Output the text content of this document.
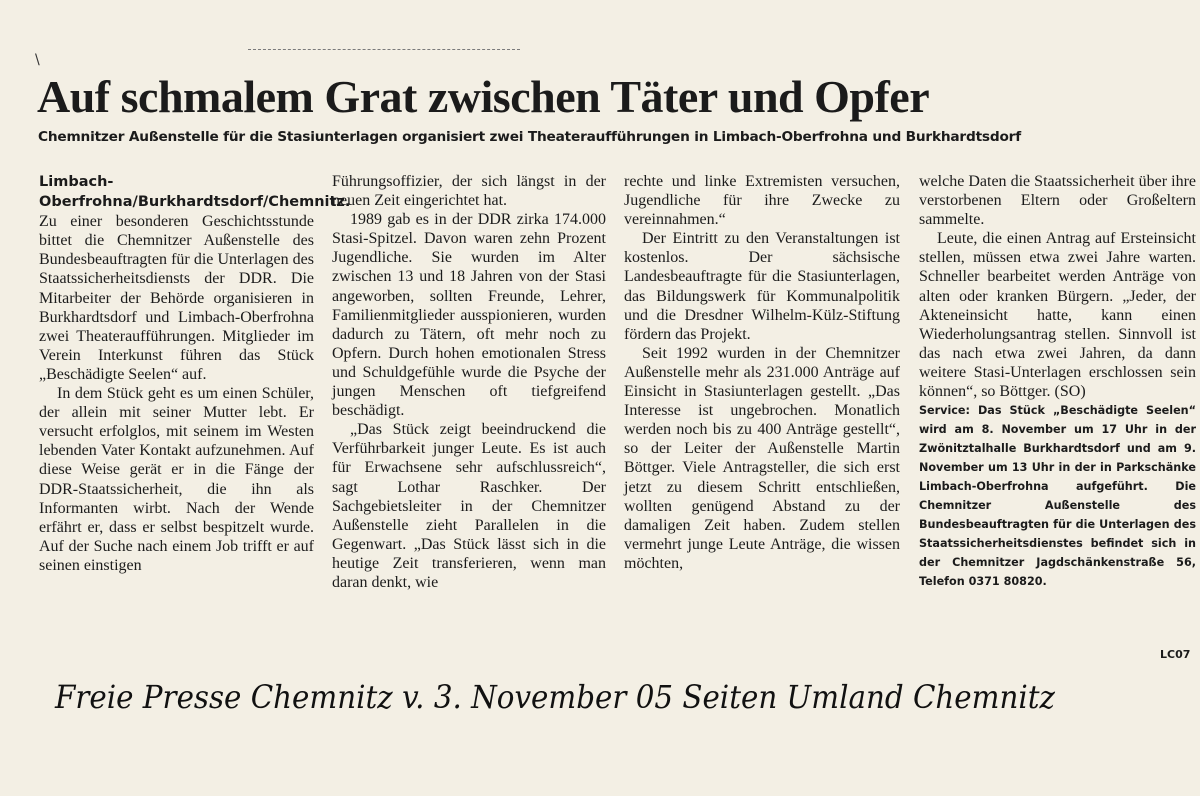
\
Auf schmalem Grat zwischen Täter und Opfer
Chemnitzer Außenstelle für die Stasiunterlagen organisiert zwei Theateraufführungen in Limbach-Oberfrohna und Burkhardtsdorf

Limbach-Oberfrohna/Burkhardtsdorf/Chemnitz. Zu einer besonderen Geschichtsstunde bittet die Chemnitzer Außenstelle des Bundesbeauftragten für die Unterlagen des Staatssicherheitsdiensts der DDR. Die Mitarbeiter der Behörde organisieren in Burkhardtsdorf und Limbach-Oberfrohna zwei Theateraufführungen. Mitglieder im Verein Interkunst führen das Stück „Beschädigte Seelen“ auf.

In dem Stück geht es um einen Schüler, der allein mit seiner Mutter lebt. Er versucht erfolglos, mit seinem im Westen lebenden Vater Kontakt aufzunehmen. Auf diese Weise gerät er in die Fänge der DDR-Staatssicherheit, die ihn als Informanten wirbt. Nach der Wende erfährt er, dass er selbst bespitzelt wurde. Auf der Suche nach einem Job trifft er auf seinen einstigen

Führungsoffizier, der sich längst in der neuen Zeit eingerichtet hat.

1989 gab es in der DDR zirka 174.000 Stasi-Spitzel. Davon waren zehn Prozent Jugendliche. Sie wurden im Alter zwischen 13 und 18 Jahren von der Stasi angeworben, sollten Freunde, Lehrer, Familienmitglieder ausspionieren, wurden dadurch zu Tätern, oft mehr noch zu Opfern. Durch hohen emotionalen Stress und Schuldgefühle wurde die Psyche der jungen Menschen oft tiefgreifend beschädigt.

„Das Stück zeigt beeindruckend die Verführbarkeit junger Leute. Es ist auch für Erwachsene sehr aufschlussreich“, sagt Lothar Raschker. Der Sachgebietsleiter in der Chemnitzer Außenstelle zieht Parallelen in die Gegenwart. „Das Stück lässt sich in die heutige Zeit transferieren, wenn man daran denkt, wie

rechte und linke Extremisten versuchen, Jugendliche für ihre Zwecke zu vereinnahmen.“

Der Eintritt zu den Veranstaltungen ist kostenlos. Der sächsische Landesbeauftragte für die Stasiunterlagen, das Bildungswerk für Kommunalpolitik und die Dresdner Wilhelm-Külz-Stiftung fördern das Projekt.

Seit 1992 wurden in der Chemnitzer Außenstelle mehr als 231.000 Anträge auf Einsicht in Stasiunterlagen gestellt. „Das Interesse ist ungebrochen. Monatlich werden noch bis zu 400 Anträge gestellt“, so der Leiter der Außenstelle Martin Böttger. Viele Antragsteller, die sich erst jetzt zu diesem Schritt entschließen, wollten genügend Abstand zu der damaligen Zeit haben. Zudem stellen vermehrt junge Leute Anträge, die wissen möchten,

welche Daten die Staatssicherheit über ihre verstorbenen Eltern oder Großeltern sammelte.

Leute, die einen Antrag auf Ersteinsicht stellen, müssen etwa zwei Jahre warten. Schneller bearbeitet werden Anträge von alten oder kranken Bürgern. „Jeder, der Akteneinsicht hatte, kann einen Wiederholungsantrag stellen. Sinnvoll ist das nach etwa zwei Jahren, da dann weitere Stasi-Unterlagen erschlossen sein können“, so Böttger. (SO)

Service: Das Stück „Beschädigte Seelen“ wird am 8. November um 17 Uhr in der Zwönitztalhalle Burkhardtsdorf und am 9. November um 13 Uhr in der in Parkschänke Limbach-Oberfrohna aufgeführt. Die Chemnitzer Außenstelle des Bundesbeauftragten für die Unterlagen des Staatssicherheitsdienstes befindet sich in der Chemnitzer Jagdschänkenstraße 56, Telefon 0371 80820.

LC07
Freie Presse Chemnitz v. 3. November 05 Seiten Umland Chemnitz
